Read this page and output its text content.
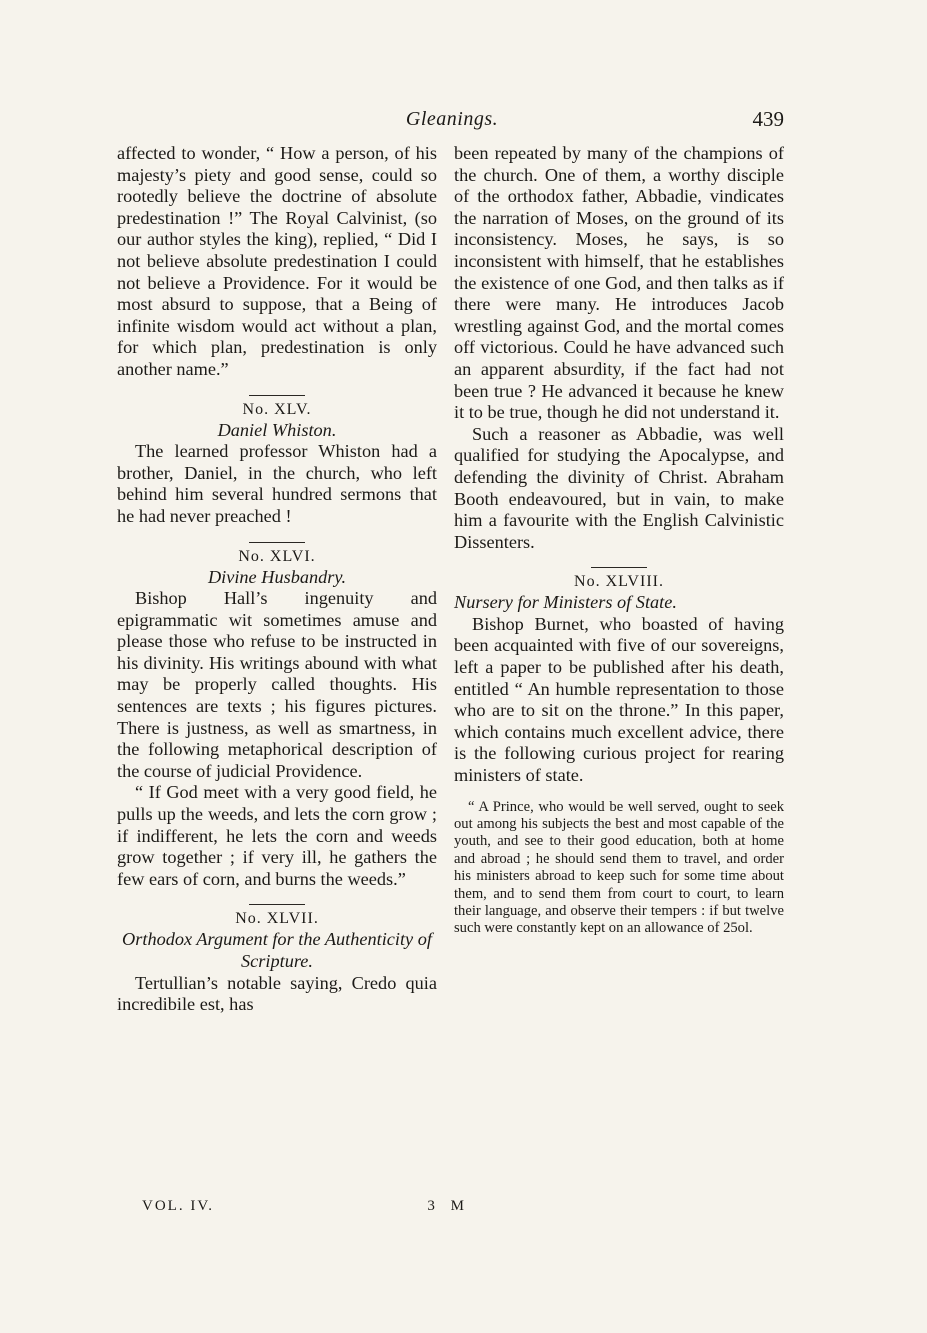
Gleanings.	439

affected to wonder, “ How a person, of his majesty’s piety and good sense, could so rootedly believe the doctrine of absolute predestination !” The Royal Calvinist, (so our author styles the king), replied, “ Did I not believe absolute predestination I could not believe a Providence. For it would be most absurd to suppose, that a Being of infinite wisdom would act without a plan, for which plan, predestination is only another name.”

No. XLV.

Daniel Whiston.

The learned professor Whiston had a brother, Daniel, in the church, who left behind him several hundred sermons that he had never preached !

No. XLVI.

Divine Husbandry.

Bishop Hall’s ingenuity and epigrammatic wit sometimes amuse and please those who refuse to be instructed in his divinity. His writings abound with what may be properly called thoughts. His sentences are texts ; his figures pictures. There is justness, as well as smartness, in the following metaphorical description of the course of judicial Providence.

“ If God meet with a very good field, he pulls up the weeds, and lets the corn grow ; if indifferent, he lets the corn and weeds grow together ; if very ill, he gathers the few ears of corn, and burns the weeds.”

No. XLVII.

Orthodox Argument for the Authenticity of Scripture.

Tertullian’s notable saying, Credo quia incredibile est, has

been repeated by many of the champions of the church. One of them, a worthy disciple of the orthodox father, Abbadie, vindicates the narration of Moses, on the ground of its inconsistency. Moses, he says, is so inconsistent with himself, that he establishes the existence of one God, and then talks as if there were many. He introduces Jacob wrestling against God, and the mortal comes off victorious. Could he have advanced such an apparent absurdity, if the fact had not been true ? He advanced it because he knew it to be true, though he did not understand it.

Such a reasoner as Abbadie, was well qualified for studying the Apocalypse, and defending the divinity of Christ. Abraham Booth endeavoured, but in vain, to make him a favourite with the English Calvinistic Dissenters.

No. XLVIII.

Nursery for Ministers of State.

Bishop Burnet, who boasted of having been acquainted with five of our sovereigns, left a paper to be published after his death, entitled “ An humble representation to those who are to sit on the throne.” In this paper, which contains much excellent advice, there is the following curious project for rearing ministers of state.

“ A Prince, who would be well served, ought to seek out among his subjects the best and most capable of the youth, and see to their good education, both at home and abroad ; he should send them to travel, and order his ministers abroad to keep such for some time about them, and to send them from court to court, to learn their language, and observe their tempers : if but twelve such were constantly kept on an allowance of 25ol.

VOL. IV.	3 M
